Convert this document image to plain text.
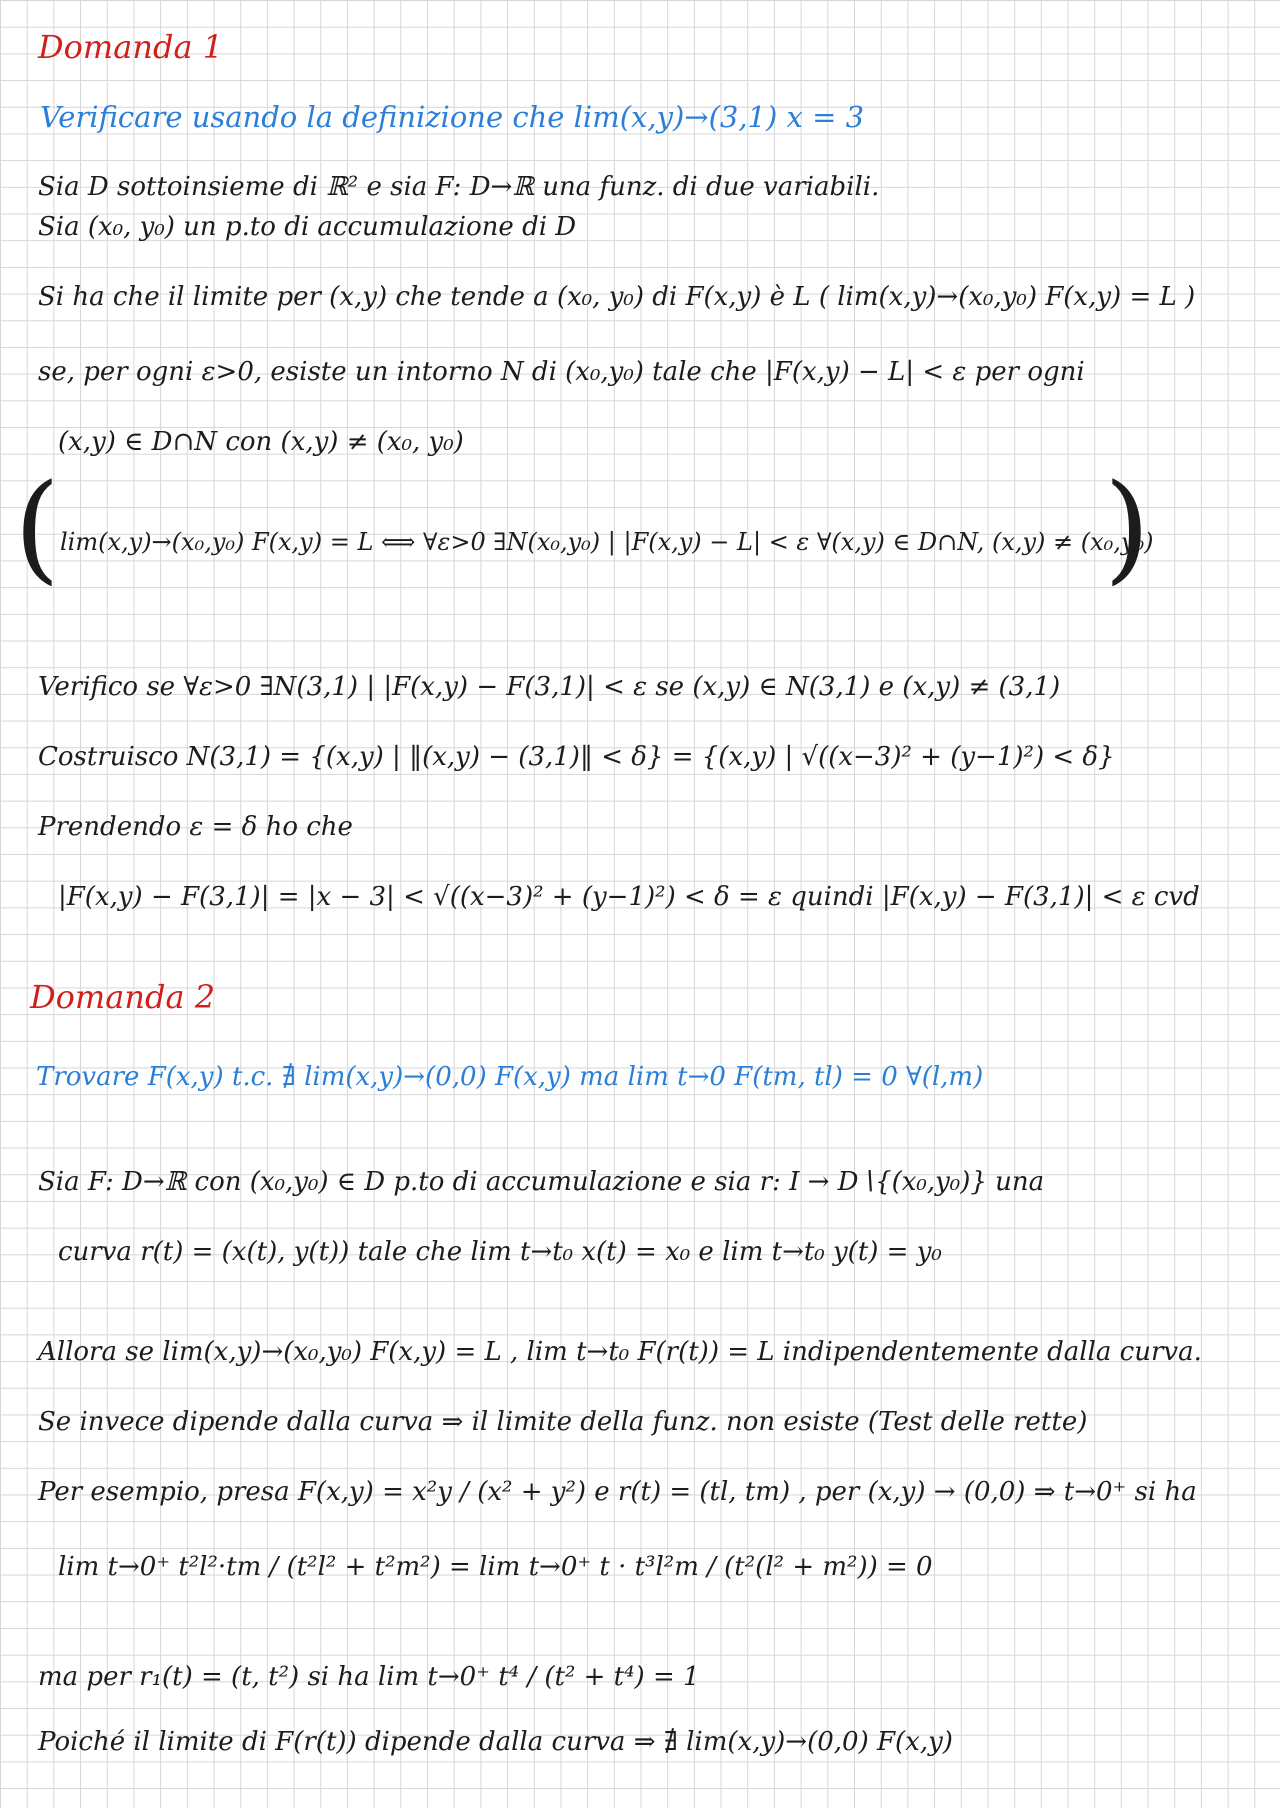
Domanda 1
Verificare usando la definizione che lim(x,y)→(3,1) x = 3
Sia D sottoinsieme di ℝ² e sia F: D→ℝ una funz. di due variabili.
Sia (x₀, y₀) un p.to di accumulazione di D
Si ha che il limite per (x,y) che tende a (x₀, y₀) di F(x,y) è L ( lim(x,y)→(x₀,y₀) F(x,y) = L )
se, per ogni ε>0, esiste un intorno N di (x₀,y₀) tale che |F(x,y) − L| < ε per ogni
(x,y) ∈ D∩N con (x,y) ≠ (x₀, y₀)
( lim(x,y)→(x₀,y₀) F(x,y) = L ⟺ ∀ε>0 ∃N(x₀,y₀) | |F(x,y) − L| < ε ∀(x,y) ∈ D∩N, (x,y) ≠ (x₀,y₀)
)
Verifico se ∀ε>0 ∃N(3,1) | |F(x,y) − F(3,1)| < ε se (x,y) ∈ N(3,1) e (x,y) ≠ (3,1)
Costruisco N(3,1) = {(x,y) | ‖(x,y) − (3,1)‖ < δ} = {(x,y) | √((x−3)² + (y−1)²) < δ}
Prendendo ε = δ ho che
|F(x,y) − F(3,1)| = |x − 3| < √((x−3)² + (y−1)²) < δ = ε quindi |F(x,y) − F(3,1)| < ε cvd
Domanda 2
Trovare F(x,y) t.c. ∄ lim(x,y)→(0,0) F(x,y) ma lim t→0 F(tm, tl) = 0 ∀(l,m)
Sia F: D→ℝ con (x₀,y₀) ∈ D p.to di accumulazione e sia r: I → D∖{(x₀,y₀)} una
curva r(t) = (x(t), y(t)) tale che lim t→t₀ x(t) = x₀ e lim t→t₀ y(t) = y₀
Allora se lim(x,y)→(x₀,y₀) F(x,y) = L , lim t→t₀ F(r(t)) = L indipendentemente dalla curva.
Se invece dipende dalla curva ⇒ il limite della funz. non esiste (Test delle rette)
Per esempio, presa F(x,y) = x²y / (x² + y²) e r(t) = (tl, tm) , per (x,y) → (0,0) ⇒ t→0⁺ si ha
lim t→0⁺ t²l²·tm / (t²l² + t²m²) = lim t→0⁺ t · t³l²m / (t²(l² + m²)) = 0
ma per r₁(t) = (t, t²) si ha lim t→0⁺ t⁴ / (t² + t⁴) = 1
Poiché il limite di F(r(t)) dipende dalla curva ⇒ ∄ lim(x,y)→(0,0) F(x,y)
